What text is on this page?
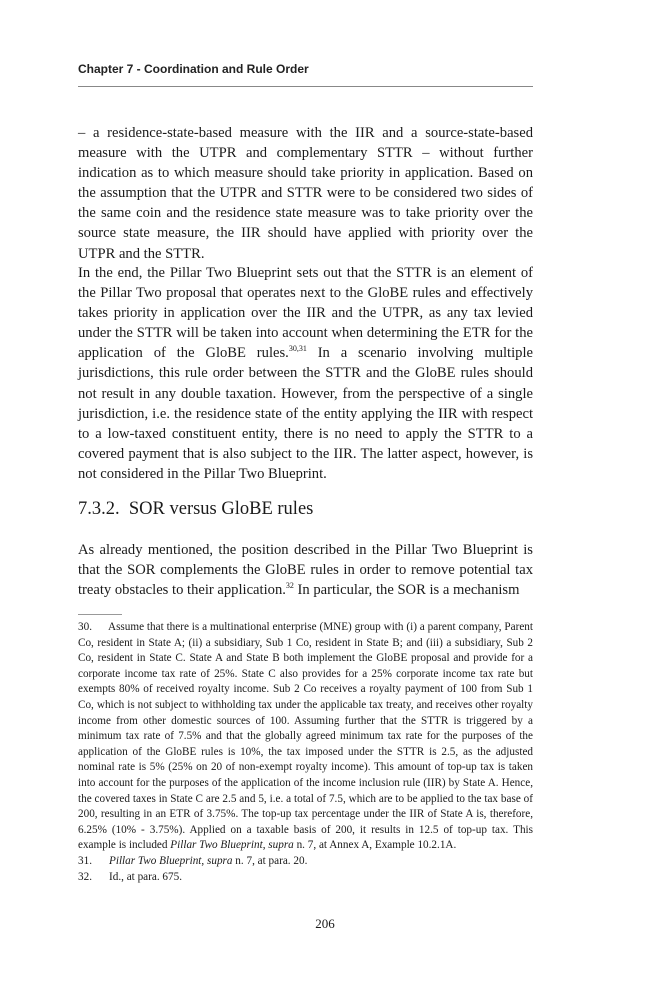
Chapter 7 - Coordination and Rule Order

– a residence-state-based measure with the IIR and a source-state-based measure with the UTPR and complementary STTR – without further indication as to which measure should take priority in application. Based on the assumption that the UTPR and STTR were to be considered two sides of the same coin and the residence state measure was to take priority over the source state measure, the IIR should have applied with priority over the UTPR and the STTR.

In the end, the Pillar Two Blueprint sets out that the STTR is an element of the Pillar Two proposal that operates next to the GloBE rules and effectively takes priority in application over the IIR and the UTPR, as any tax levied under the STTR will be taken into account when determining the ETR for the application of the GloBE rules.$^{30,31}$ In a scenario involving multiple jurisdictions, this rule order between the STTR and the GloBE rules should not result in any double taxation. However, from the perspective of a single jurisdiction, i.e. the residence state of the entity applying the IIR with respect to a low-taxed constituent entity, there is no need to apply the STTR to a covered payment that is also subject to the IIR. The latter aspect, however, is not considered in the Pillar Two Blueprint.

7.3.2. SOR versus GloBE rules

As already mentioned, the position described in the Pillar Two Blueprint is that the SOR complements the GloBE rules in order to remove potential tax treaty obstacles to their application.$^{32}$ In particular, the SOR is a mechanism

30. Assume that there is a multinational enterprise (MNE) group with (i) a parent company, Parent Co, resident in State A; (ii) a subsidiary, Sub 1 Co, resident in State B; and (iii) a subsidiary, Sub 2 Co, resident in State C. State A and State B both implement the GloBE proposal and provide for a corporate income tax rate of 25%. State C also provides for a 25% corporate income tax rate but exempts 80% of received royalty income. Sub 2 Co receives a royalty payment of 100 from Sub 1 Co, which is not subject to withholding tax under the applicable tax treaty, and receives other royalty income from other domestic sources of 100. Assuming further that the STTR is triggered by a minimum tax rate of 7.5% and that the globally agreed minimum tax rate for the purposes of the application of the GloBE rules is 10%, the tax imposed under the STTR is 2.5, as the adjusted nominal rate is 5% (25% on 20 of non-exempt royalty income). This amount of top-up tax is taken into account for the purposes of the application of the income inclusion rule (IIR) by State A. Hence, the covered taxes in State C are 2.5 and 5, i.e. a total of 7.5, which are to be applied to the tax base of 200, resulting in an ETR of 3.75%. The top-up tax percentage under the IIR of State A is, therefore, 6.25% (10% - 3.75%). Applied on a taxable basis of 200, it results in 12.5 of top-up tax. This example is included Pillar Two Blueprint, supra n. 7, at Annex A, Example 10.2.1A.

31. Pillar Two Blueprint, supra n. 7, at para. 20.

32. Id., at para. 675.

206
